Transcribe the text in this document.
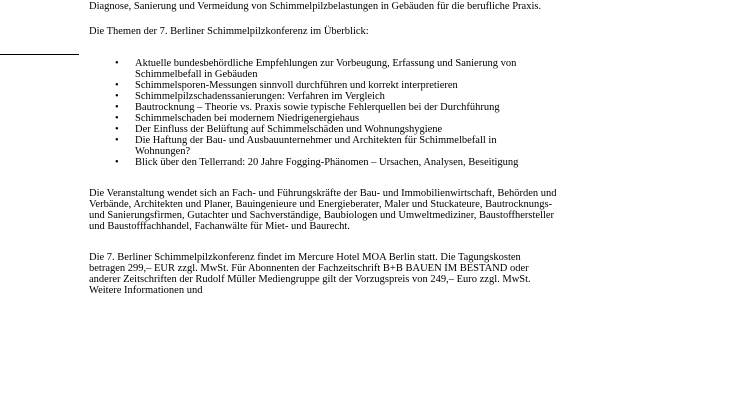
Diagnose, Sanierung und Vermeidung von Schimmelpilzbelastungen in Gebäuden für die berufliche Praxis.

Die Themen der 7. Berliner Schimmelpilzkonferenz im Überblick:

• Aktuelle bundesbehördliche Empfehlungen zur Vorbeugung, Erfassung und Sanierung von Schimmelbefall in Gebäuden
• Schimmelsporen-Messungen sinnvoll durchführen und korrekt interpretieren
• Schimmelpilzschadenssanierungen: Verfahren im Vergleich
• Bautrocknung – Theorie vs. Praxis sowie typische Fehlerquellen bei der Durchführung
• Schimmelschaden bei modernem Niedrigenergiehaus
• Der Einfluss der Belüftung auf Schimmelschäden und Wohnungshygiene
• Die Haftung der Bau- und Ausbauunternehmer und Architekten für Schimmelbefall in Wohnungen?
• Blick über den Tellerrand: 20 Jahre Fogging-Phänomen – Ursachen, Analysen, Beseitigung

Die Veranstaltung wendet sich an Fach- und Führungskräfte der Bau- und Immobilienwirtschaft, Behörden und Verbände, Architekten und Planer, Bauingenieure und Energieberater, Maler und Stuckateure, Bautrocknungs- und Sanierungsfirmen, Gutachter und Sachverständige, Baubiologen und Umweltmediziner, Baustoffhersteller und Baustofffachhandel, Fachanwälte für Miet- und Baurecht.

Die 7. Berliner Schimmelpilzkonferenz findet im Mercure Hotel MOA Berlin statt. Die Tagungskosten betragen 299,– EUR zzgl. MwSt. Für Abonnenten der Fachzeitschrift B+B BAUEN IM BESTAND oder anderer Zeitschriften der Rudolf Müller Mediengruppe gilt der Vorzugspreis von 249,– Euro zzgl. MwSt. Weitere Informationen und
